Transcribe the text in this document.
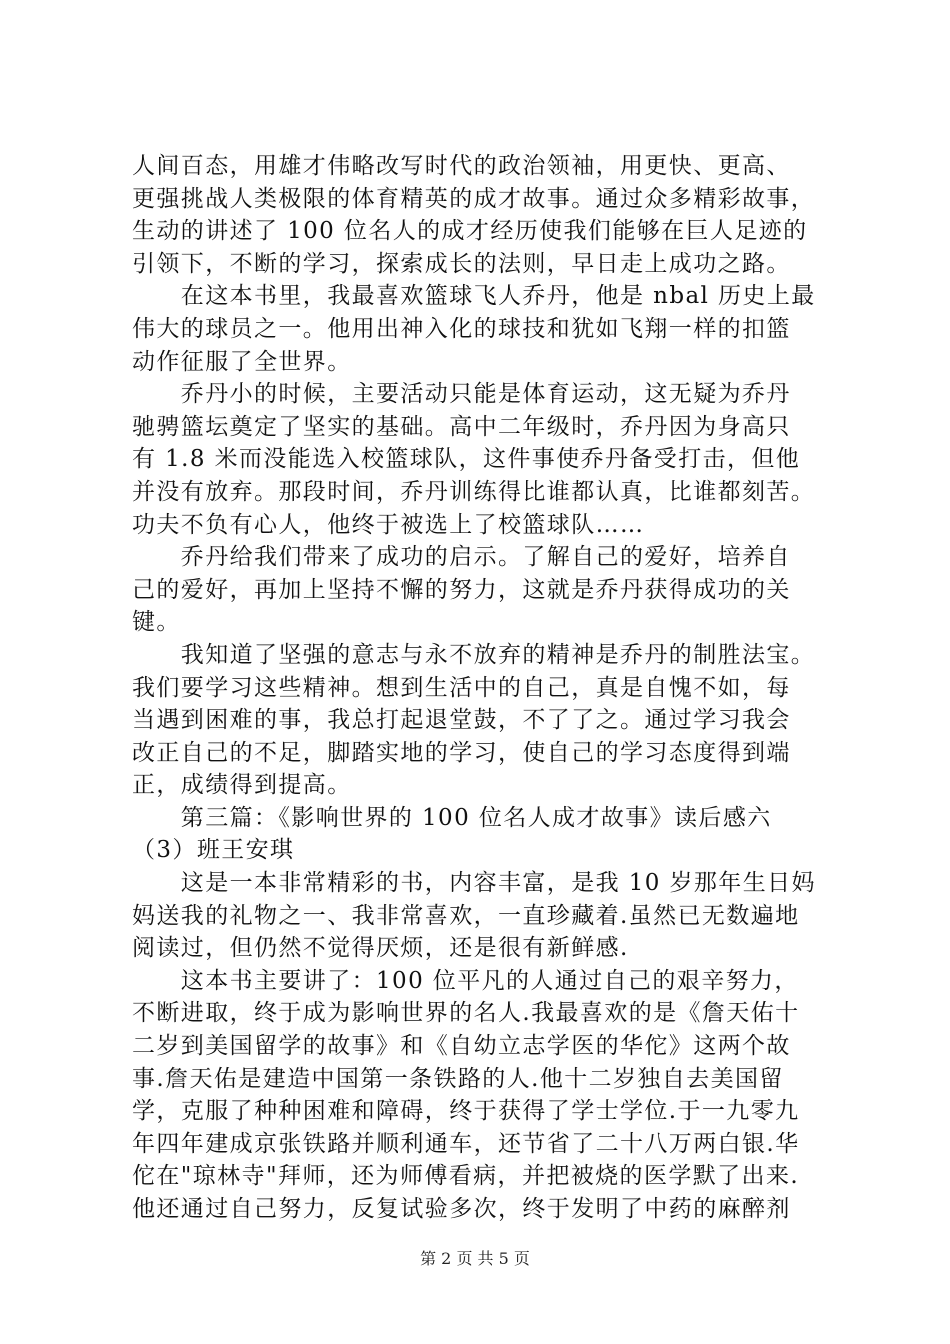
人间百态，用雄才伟略改写时代的政治领袖，用更快、更高、
更强挑战人类极限的体育精英的成才故事。通过众多精彩故事，
生动的讲述了 100 位名人的成才经历使我们能够在巨人足迹的
引领下，不断的学习，探索成长的法则，早日走上成功之路。
　　在这本书里，我最喜欢篮球飞人乔丹，他是 nbal 历史上最
伟大的球员之一。他用出神入化的球技和犹如飞翔一样的扣篮
动作征服了全世界。
　　乔丹小的时候，主要活动只能是体育运动，这无疑为乔丹
驰骋篮坛奠定了坚实的基础。高中二年级时，乔丹因为身高只
有 1.8 米而没能选入校篮球队，这件事使乔丹备受打击，但他
并没有放弃。那段时间，乔丹训练得比谁都认真，比谁都刻苦。
功夫不负有心人，他终于被选上了校篮球队……
　　乔丹给我们带来了成功的启示。了解自己的爱好，培养自
己的爱好，再加上坚持不懈的努力，这就是乔丹获得成功的关
键。
　　我知道了坚强的意志与永不放弃的精神是乔丹的制胜法宝。
我们要学习这些精神。想到生活中的自己，真是自愧不如，每
当遇到困难的事，我总打起退堂鼓，不了了之。通过学习我会
改正自己的不足，脚踏实地的学习，使自己的学习态度得到端
正，成绩得到提高。
　　第三篇：《影响世界的 100 位名人成才故事》读后感六
（3）班王安琪
　　这是一本非常精彩的书，内容丰富，是我 10 岁那年生日妈
妈送我的礼物之一、我非常喜欢，一直珍藏着.虽然已无数遍地
阅读过，但仍然不觉得厌烦，还是很有新鲜感.
　　这本书主要讲了：100 位平凡的人通过自己的艰辛努力，
不断进取，终于成为影响世界的名人.我最喜欢的是《詹天佑十
二岁到美国留学的故事》和《自幼立志学医的华佗》这两个故
事.詹天佑是建造中国第一条铁路的人.他十二岁独自去美国留
学，克服了种种困难和障碍，终于获得了学士学位.于一九零九
年四年建成京张铁路并顺利通车，还节省了二十八万两白银.华
佗在"琼林寺"拜师，还为师傅看病，并把被烧的医学默了出来.
他还通过自己努力，反复试验多次，终于发明了中药的麻醉剂
第 2 页 共 5 页
